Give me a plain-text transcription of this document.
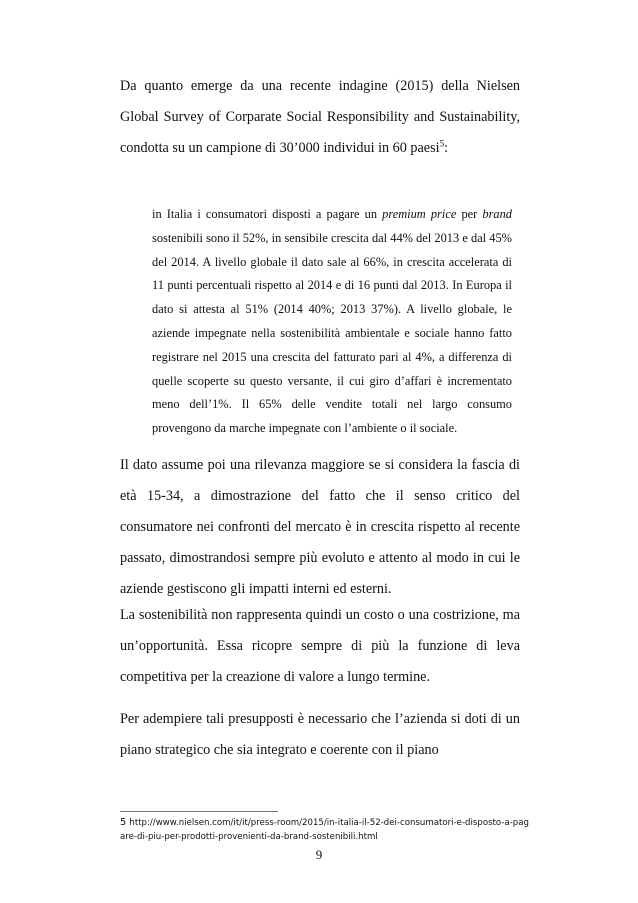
Da quanto emerge da una recente indagine (2015) della Nielsen Global Survey of Corparate Social Responsibility and Sustainability, condotta su un campione di 30’000 individui in 60 paesi$^5$:

in Italia i consumatori disposti a pagare un premium price per brand sostenibili sono il 52%, in sensibile crescita dal 44% del 2013 e dal 45% del 2014. A livello globale il dato sale al 66%, in crescita accelerata di 11 punti percentuali rispetto al 2014 e di 16 punti dal 2013. In Europa il dato si attesta al 51% (2014 40%; 2013 37%). A livello globale, le aziende impegnate nella sostenibilità ambientale e sociale hanno fatto registrare nel 2015 una crescita del fatturato pari al 4%, a differenza di quelle scoperte su questo versante, il cui giro d’affari è incrementato meno dell’1%. Il 65% delle vendite totali nel largo consumo provengono da marche impegnate con l’ambiente o il sociale.

Il dato assume poi una rilevanza maggiore se si considera la fascia di età 15-34, a dimostrazione del fatto che il senso critico del consumatore nei confronti del mercato è in crescita rispetto al recente passato, dimostrandosi sempre più evoluto e attento al modo in cui le aziende gestiscono gli impatti interni ed esterni.

La sostenibilità non rappresenta quindi un costo o una costrizione, ma un’opportunità. Essa ricopre sempre di più la funzione di leva competitiva per la creazione di valore a lungo termine.

Per adempiere tali presupposti è necessario che l’azienda si doti di un piano strategico che sia integrato e coerente con il piano

5 http://www.nielsen.com/it/it/press-room/2015/in-italia-il-52-dei-consumatori-e-disposto-a-pagare-di-piu-per-prodotti-provenienti-da-brand-sostenibili.html

9
